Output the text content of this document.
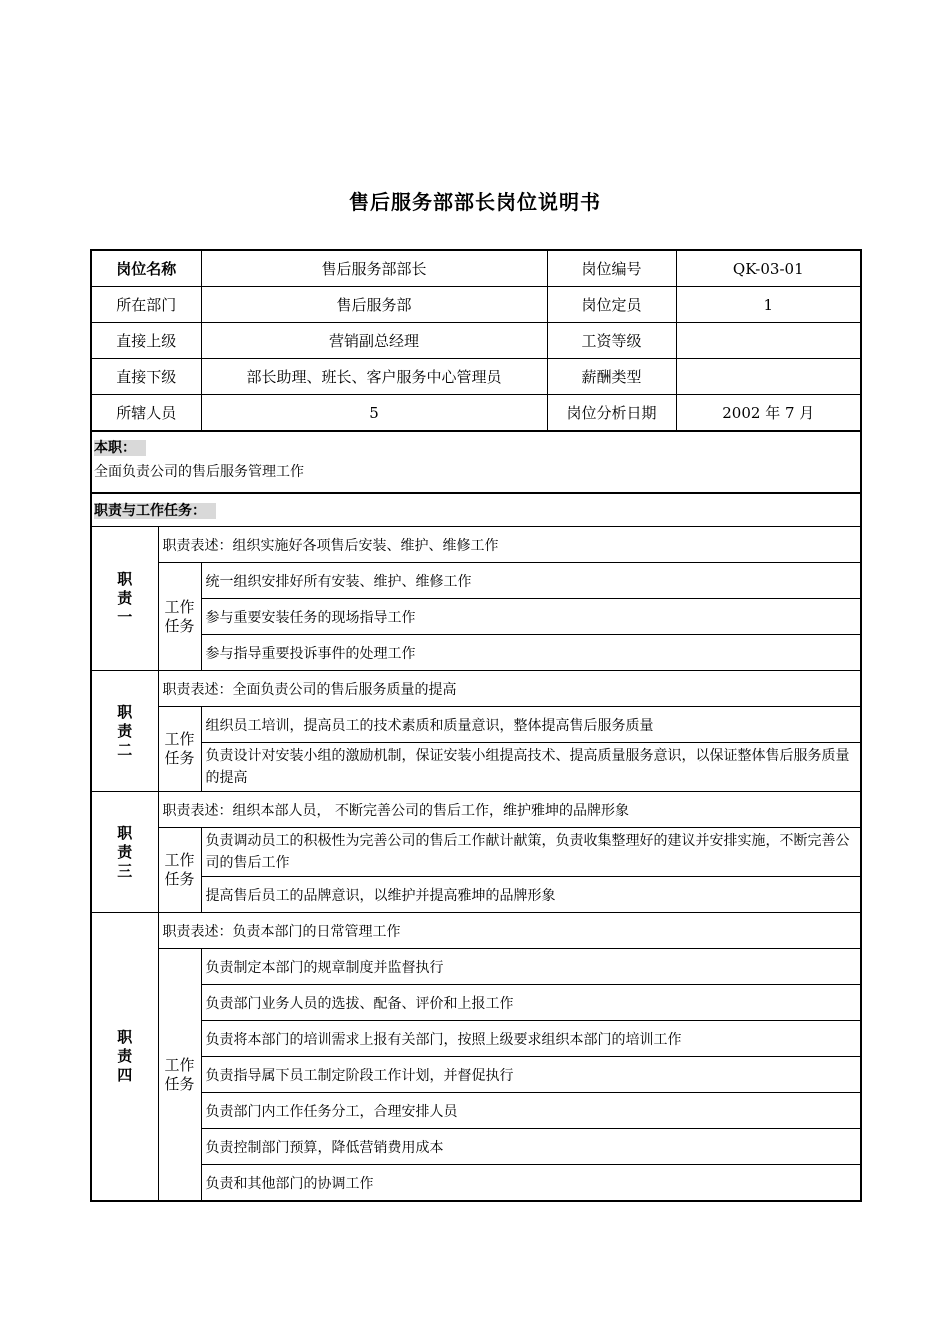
售后服务部部长岗位说明书
岗位名称		售后服务部部长	岗位编号	QK-03-01
所在部门		售后服务部	岗位定员	1
直接上级		营销副总经理	工资等级	
直接下级		部长助理、班长、客户服务中心管理员	薪酬类型	
所辖人员		5	岗位分析日期	2002 年 7 月
本职：
全面负责公司的售后服务管理工作				
职责与工作任务：				
职责一	职责表述：组织实施好各项售后安装、维护、维修工作			
	工作任务	统一组织安排好所有安装、维护、维修工作		
		参与重要安装任务的现场指导工作		
		参与指导重要投诉事件的处理工作		
职责二	职责表述：全面负责公司的售后服务质量的提高			
	工作任务	组织员工培训，提高员工的技术素质和质量意识，整体提高售后服务质量		
		负责设计对安装小组的激励机制，保证安装小组提高技术、提高质量服务意识，以保证整体售后服务质量的提高		
职责三	职责表述：组织本部人员， 不断完善公司的售后工作，维护雅坤的品牌形象			
	工作任务	负责调动员工的积极性为完善公司的售后工作献计献策，负责收集整理好的建议并安排实施，不断完善公司的售后工作		
		提高售后员工的品牌意识，以维护并提高雅坤的品牌形象		
职责四	职责表述：负责本部门的日常管理工作			
	工作任务	负责制定本部门的规章制度并监督执行		
		负责部门业务人员的选拔、配备、评价和上报工作		
		负责将本部门的培训需求上报有关部门，按照上级要求组织本部门的培训工作		
		负责指导属下员工制定阶段工作计划，并督促执行		
		负责部门内工作任务分工，合理安排人员		
		负责控制部门预算，降低营销费用成本		
		负责和其他部门的协调工作		
